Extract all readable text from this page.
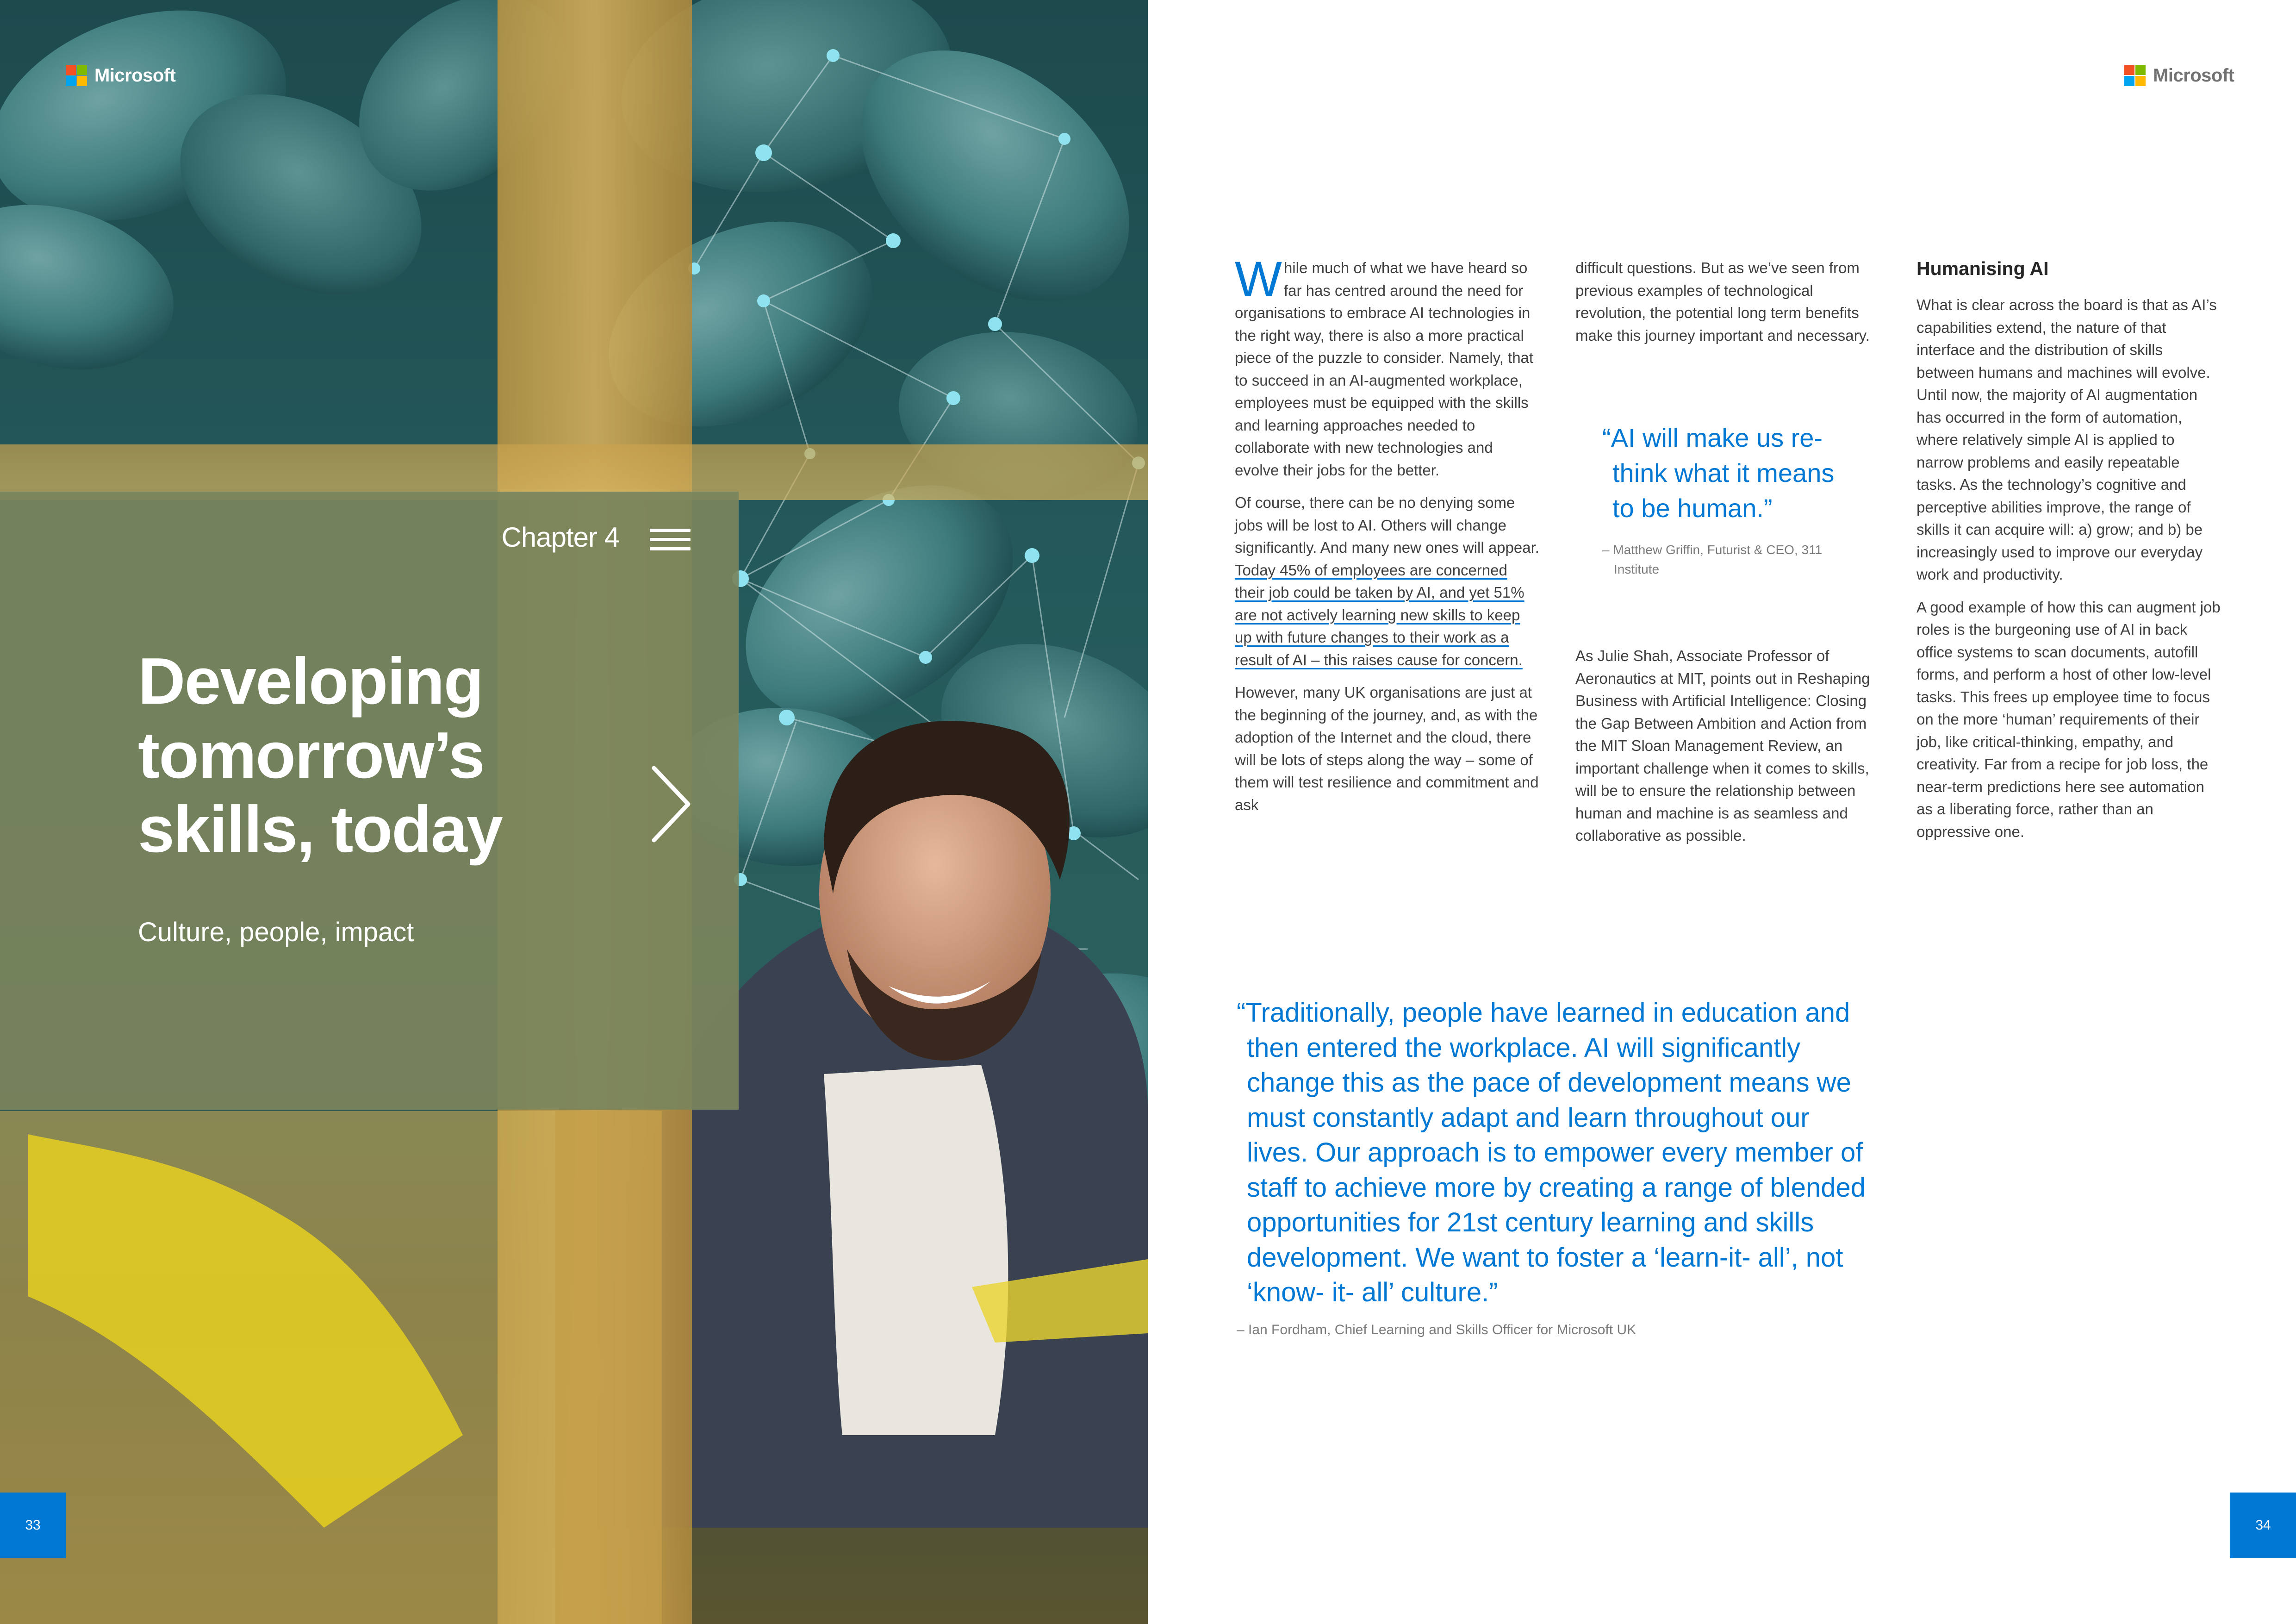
Microsoft
Chapter 4
Developing
tomorrow’s
skills, today
Culture, people, impact
33
Microsoft

While much of what we have heard so far has centred around the need for organisations to embrace AI technologies in the right way, there is also a more practical piece of the puzzle to consider. Namely, that to succeed in an AI-augmented workplace, employees must be equipped with the skills and learning approaches needed to collaborate with new technologies and evolve their jobs for the better.

Of course, there can be no denying some jobs will be lost to AI. Others will change significantly. And many new ones will appear. Today 45% of employees are concerned their job could be taken by AI, and yet 51% are not actively learning new skills to keep up with future changes to their work as a result of AI – this raises cause for concern.

However, many UK organisations are just at the beginning of the journey, and, as with the adoption of the Internet and the cloud, there will be lots of steps along the way – some of them will test resilience and commitment and ask

difficult questions. But as we’ve seen from previous examples of technological revolution, the potential long term benefits make this journey important and necessary.

“AI will make us re-think what it means to be human.”
– Matthew Griffin, Futurist & CEO, 311 Institute

As Julie Shah, Associate Professor of Aeronautics at MIT, points out in Reshaping Business with Artificial Intelligence: Closing the Gap Between Ambition and Action from the MIT Sloan Management Review, an important challenge when it comes to skills, will be to ensure the relationship between human and machine is as seamless and collaborative as possible.

Humanising AI

What is clear across the board is that as AI’s capabilities extend, the nature of that interface and the distribution of skills between humans and machines will evolve. Until now, the majority of AI augmentation has occurred in the form of automation, where relatively simple AI is applied to narrow problems and easily repeatable tasks. As the technology’s cognitive and perceptive abilities improve, the range of skills it can acquire will: a) grow; and b) be increasingly used to improve our everyday work and productivity.

A good example of how this can augment job roles is the burgeoning use of AI in back office systems to scan documents, autofill forms, and perform a host of other low-level tasks. This frees up employee time to focus on the more ‘human’ requirements of their job, like critical-thinking, empathy, and creativity. Far from a recipe for job loss, the near-term predictions here see automation as a liberating force, rather than an oppressive one.

“Traditionally, people have learned in education and then entered the workplace. AI will significantly change this as the pace of development means we must constantly adapt and learn throughout our lives. Our approach is to empower every member of staff to achieve more by creating a range of blended opportunities for 21st century learning and skills development. We want to foster a ‘learn-it- all’, not ‘know- it- all’ culture.”
– Ian Fordham, Chief Learning and Skills Officer for Microsoft UK
34
